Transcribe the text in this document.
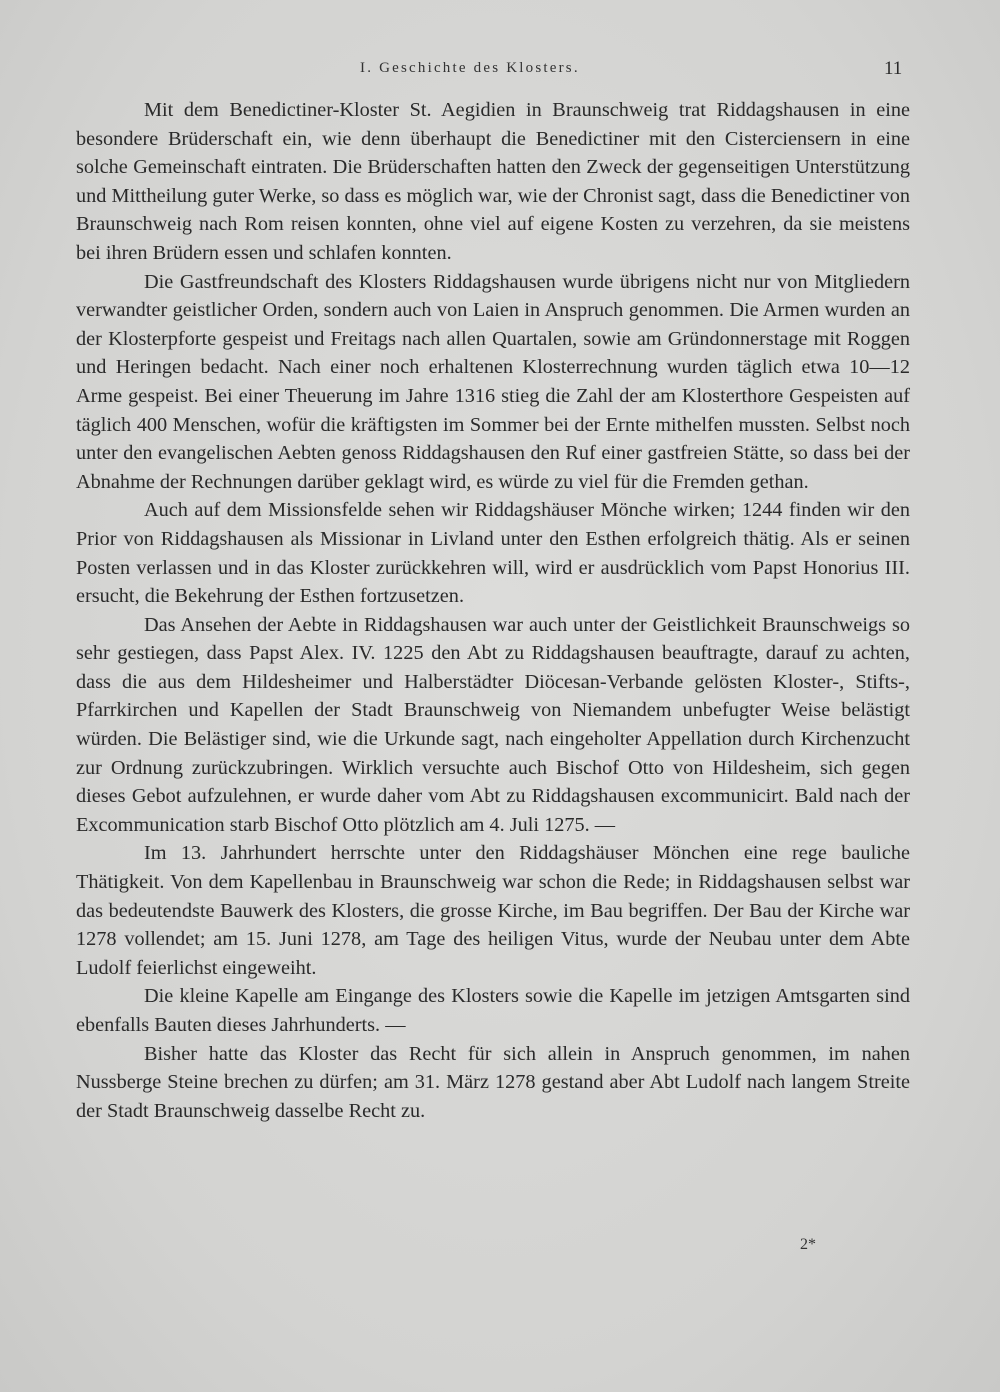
I. Geschichte des Klosters.	11

Mit dem Benedictiner-Kloster St. Aegidien in Braunschweig trat Riddagshausen in eine besondere Brüderschaft ein, wie denn überhaupt die Benedictiner mit den Cisterciensern in eine solche Gemeinschaft eintraten. Die Brüderschaften hatten den Zweck der gegenseitigen Unterstützung und Mittheilung guter Werke, so dass es möglich war, wie der Chronist sagt, dass die Benedictiner von Braunschweig nach Rom reisen konnten, ohne viel auf eigene Kosten zu verzehren, da sie meistens bei ihren Brüdern essen und schlafen konnten.

Die Gastfreundschaft des Klosters Riddagshausen wurde übrigens nicht nur von Mitgliedern verwandter geistlicher Orden, sondern auch von Laien in Anspruch genommen. Die Armen wurden an der Klosterpforte gespeist und Freitags nach allen Quartalen, sowie am Gründonnerstage mit Roggen und Heringen bedacht. Nach einer noch erhaltenen Klosterrechnung wurden täglich etwa 10—12 Arme gespeist. Bei einer Theuerung im Jahre 1316 stieg die Zahl der am Klosterthore Gespeisten auf täglich 400 Menschen, wofür die kräftigsten im Sommer bei der Ernte mithelfen mussten. Selbst noch unter den evangelischen Aebten genoss Riddagshausen den Ruf einer gastfreien Stätte, so dass bei der Abnahme der Rechnungen darüber geklagt wird, es würde zu viel für die Fremden gethan.

Auch auf dem Missionsfelde sehen wir Riddagshäuser Mönche wirken; 1244 finden wir den Prior von Riddagshausen als Missionar in Livland unter den Esthen erfolgreich thätig. Als er seinen Posten verlassen und in das Kloster zurückkehren will, wird er ausdrücklich vom Papst Honorius III. ersucht, die Bekehrung der Esthen fortzusetzen.

Das Ansehen der Aebte in Riddagshausen war auch unter der Geistlichkeit Braunschweigs so sehr gestiegen, dass Papst Alex. IV. 1225 den Abt zu Riddagshausen beauftragte, darauf zu achten, dass die aus dem Hildesheimer und Halberstädter Diöcesan-Verbande gelösten Kloster-, Stifts-, Pfarrkirchen und Kapellen der Stadt Braunschweig von Niemandem unbefugter Weise belästigt würden. Die Belästiger sind, wie die Urkunde sagt, nach eingeholter Appellation durch Kirchenzucht zur Ordnung zurückzubringen. Wirklich versuchte auch Bischof Otto von Hildesheim, sich gegen dieses Gebot aufzulehnen, er wurde daher vom Abt zu Riddagshausen excommunicirt. Bald nach der Excommunication starb Bischof Otto plötzlich am 4. Juli 1275. —

Im 13. Jahrhundert herrschte unter den Riddagshäuser Mönchen eine rege bauliche Thätigkeit. Von dem Kapellenbau in Braunschweig war schon die Rede; in Riddagshausen selbst war das bedeutendste Bauwerk des Klosters, die grosse Kirche, im Bau begriffen. Der Bau der Kirche war 1278 vollendet; am 15. Juni 1278, am Tage des heiligen Vitus, wurde der Neubau unter dem Abte Ludolf feierlichst eingeweiht.

Die kleine Kapelle am Eingange des Klosters sowie die Kapelle im jetzigen Amtsgarten sind ebenfalls Bauten dieses Jahrhunderts. —

Bisher hatte das Kloster das Recht für sich allein in Anspruch genommen, im nahen Nussberge Steine brechen zu dürfen; am 31. März 1278 gestand aber Abt Ludolf nach langem Streite der Stadt Braunschweig dasselbe Recht zu.

2*
